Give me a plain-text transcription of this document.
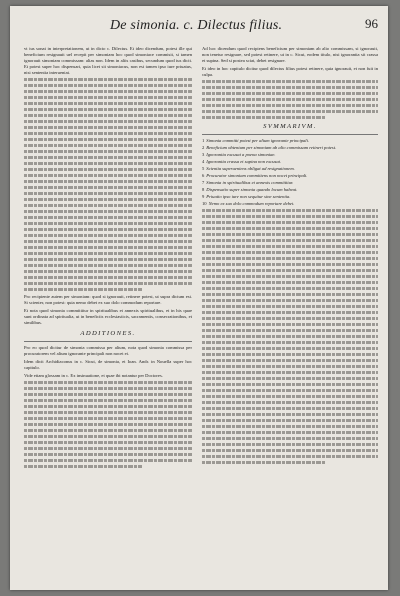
De simonia. c. Dilectus filius.	96

vt ius sonat in interpretationem, ut in dicto c. Dilectus. Et ideo dicendum, potest ille qui beneficium resignauit uel recepit per simoniam hoc quod simoniace commisit, si tamen ignorauit simoniam commissam: alias non. Idem in aliis casibus, secundum quod ius dicit. Et potest super hoc dispensari, quia licet sit simoniacus, non est tamen ipso iure priuatus, nisi sententia interueniat.

Pro recipiente autem per simoniam: quod si ignorauit, retinere potest, ut supra dictum est. Si scienter, non potest: quia nemo debet ex suo dolo commodum reportare.

Et nota quod simonia committitur in spiritualibus et annexis spiritualibus, et in his quae sunt ordinata ad spiritualia, ut in beneficiis ecclesiasticis, sacramentis, consecrationibus, et similibus.

ADDITIONES.

Pro eo quod dicitur de simonia commissa per alium, nota quod simonia commissa per procuratorem vel alium ignorante principali non nocet ei.

Idem dicit Archidiaconus in c. Sicut, de simonia, et Ioan. Andr. in Nouella super hoc capitulo.

Vide etiam glossam in c. Ex insinuatione, et quae ibi notantur per Doctores.

Ad hoc dicendum quod recipiens beneficium per simoniam ab alio commissam, si ignorauit, non tenetur resignare, sed potest retinere, ut in c. Sicut, eodem titulo, nisi ignorantia sit crassa et supina. Sed si postea sciat, debet resignare.

Et ideo in hoc capitulo dicitur quod dilectus filius potest retinere, quia ignorauit, et non fuit in culpa.

SVMMARIVM.
1 Simonia committi potest per alium ignorante principali.
2 Beneficium obtentum per simoniam ab alio commissam retineri potest.
3 Ignorantia excusat a poena simoniae.
4 Ignorantia crassa et supina non excusat.
5 Scientia superueniens obligat ad resignationem.
6 Procurator simoniam committens non nocet principali.
7 Simonia in spiritualibus et annexis committitur.
8 Dispensatio super simonia quando locum habeat.
9 Priuatio ipso iure non sequitur sine sententia.
10 Nemo ex suo dolo commodum reportare debet.
